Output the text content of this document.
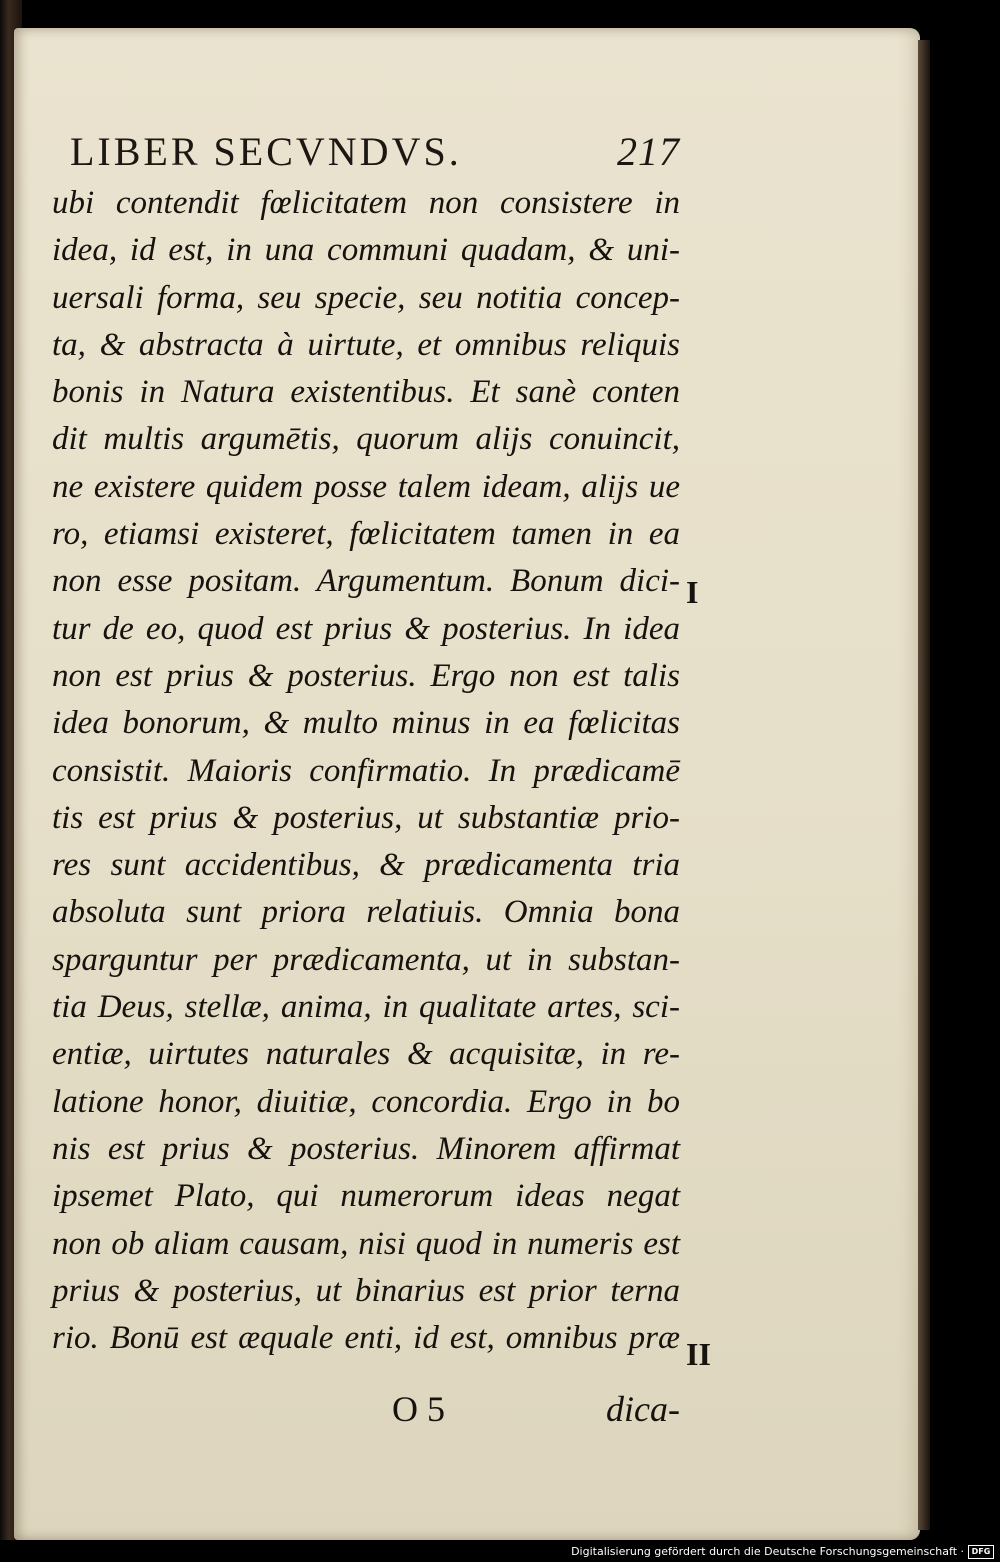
LIBER SECVNDVS.	217
ubi contendit fœlicitatem non consistere in
idea, id est, in una communi quadam, & uni-
uersali forma, seu specie, seu notitia concep-
ta, & abstracta à uirtute, et omnibus reliquis
bonis in Natura existentibus. Et sanè conten
dit multis argumētis, quorum alijs conuincit,
ne existere quidem posse talem ideam, alijs ue
ro, etiamsi existeret, fœlicitatem tamen in ea
non esse positam. Argumentum. Bonum dici-
tur de eo, quod est prius & posterius. In idea
non est prius & posterius. Ergo non est talis
idea bonorum, & multo minus in ea fœlicitas
consistit. Maioris confirmatio. In prædicamē
tis est prius & posterius, ut substantiæ prio-
res sunt accidentibus, & prædicamenta tria
absoluta sunt priora relatiuis. Omnia bona
sparguntur per prædicamenta, ut in substan-
tia Deus, stellæ, anima, in qualitate artes, sci-
entiæ, uirtutes naturales & acquisitæ, in re-
latione honor, diuitiæ, concordia. Ergo in bo
nis est prius & posterius. Minorem affirmat
ipsemet Plato, qui numerorum ideas negat
non ob aliam causam, nisi quod in numeris est
prius & posterius, ut binarius est prior terna
rio. Bonū est æquale enti, id est, omnibus præ
I
II
O 5	dica-
Digitalisierung gefördert durch die Deutsche Forschungsgemeinschaft · DFG
